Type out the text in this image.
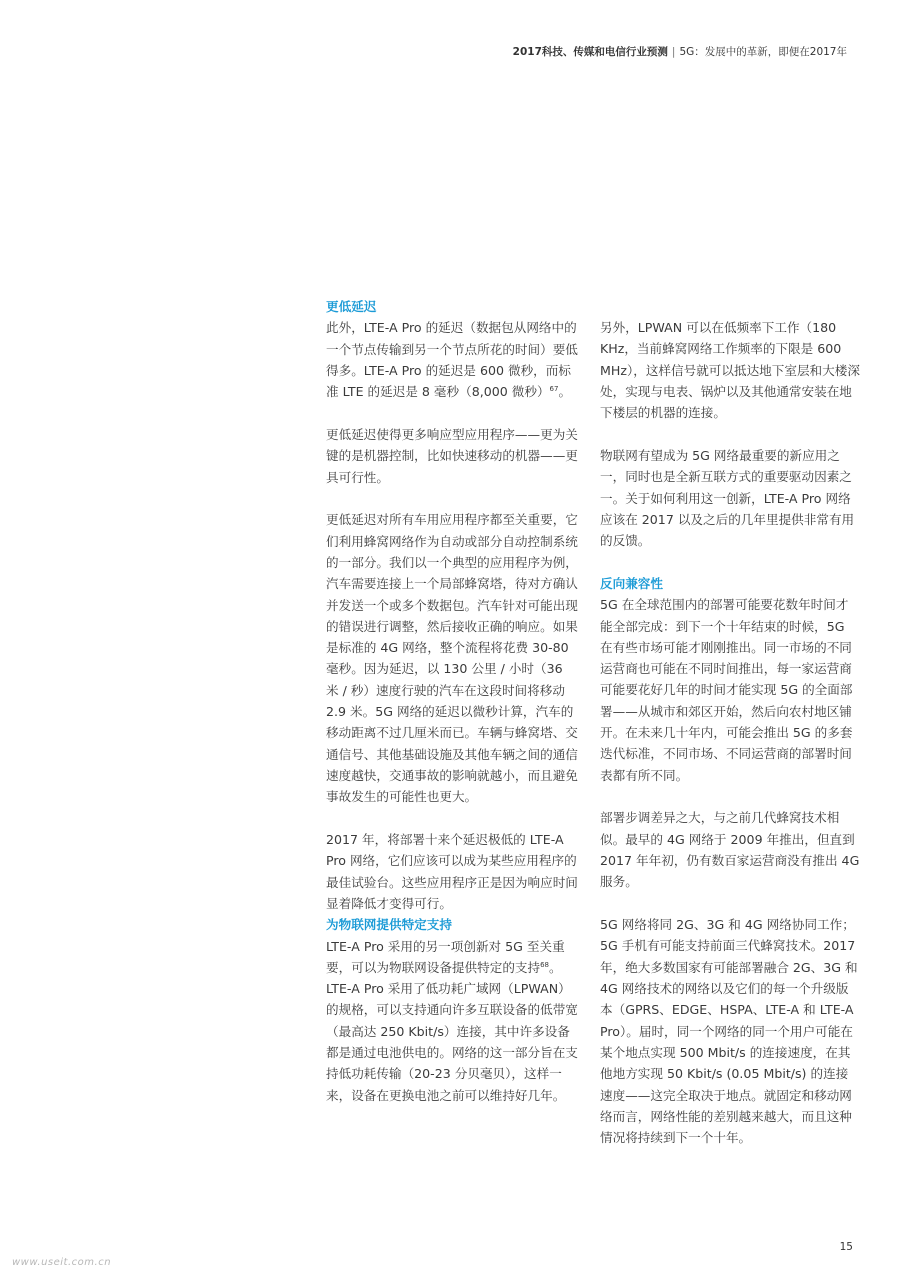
2017科技、传媒和电信行业预测 | 5G：发展中的革新，即便在2017年
更低延迟

此外，LTE-A Pro 的延迟（数据包从网络中的一个节点传输到另一个节点所花的时间）要低得多。LTE-A Pro 的延迟是 600 微秒，而标准 LTE 的延迟是 8 毫秒（8,000 微秒）$^{67}$。

更低延迟使得更多响应型应用程序——更为关键的是机器控制，比如快速移动的机器——更具可行性。

更低延迟对所有车用应用程序都至关重要，它们利用蜂窝网络作为自动或部分自动控制系统的一部分。我们以一个典型的应用程序为例，汽车需要连接上一个局部蜂窝塔，待对方确认并发送一个或多个数据包。汽车针对可能出现的错误进行调整，然后接收正确的响应。如果是标准的 4G 网络，整个流程将花费 30-80 毫秒。因为延迟，以 130 公里 / 小时（36 米 / 秒）速度行驶的汽车在这段时间将移动 2.9 米。5G 网络的延迟以微秒计算，汽车的移动距离不过几厘米而已。车辆与蜂窝塔、交通信号、其他基础设施及其他车辆之间的通信速度越快，交通事故的影响就越小，而且避免事故发生的可能性也更大。

2017 年，将部署十来个延迟极低的 LTE-A Pro 网络，它们应该可以成为某些应用程序的最佳试验台。这些应用程序正是因为响应时间显着降低才变得可行。

为物联网提供特定支持

LTE-A Pro 采用的另一项创新对 5G 至关重要，可以为物联网设备提供特定的支持$^{68}$。LTE-A Pro 采用了低功耗广域网（LPWAN）的规格，可以支持通向许多互联设备的低带宽（最高达 250 Kbit/s）连接，其中许多设备都是通过电池供电的。网络的这一部分旨在支持低功耗传输（20-23 分贝毫贝），这样一来，设备在更换电池之前可以维持好几年。

另外，LPWAN 可以在低频率下工作（180 KHz，当前蜂窝网络工作频率的下限是 600 MHz），这样信号就可以抵达地下室层和大楼深处，实现与电表、锅炉以及其他通常安装在地下楼层的机器的连接。

物联网有望成为 5G 网络最重要的新应用之一，同时也是全新互联方式的重要驱动因素之一。关于如何利用这一创新，LTE-A Pro 网络应该在 2017 以及之后的几年里提供非常有用的反馈。

反向兼容性

5G 在全球范围内的部署可能要花数年时间才能全部完成：到下一个十年结束的时候，5G 在有些市场可能才刚刚推出。同一市场的不同运营商也可能在不同时间推出，每一家运营商可能要花好几年的时间才能实现 5G 的全面部署——从城市和郊区开始，然后向农村地区铺开。在未来几十年内，可能会推出 5G 的多套迭代标准，不同市场、不同运营商的部署时间表都有所不同。

部署步调差异之大，与之前几代蜂窝技术相似。最早的 4G 网络于 2009 年推出，但直到 2017 年年初，仍有数百家运营商没有推出 4G 服务。

5G 网络将同 2G、3G 和 4G 网络协同工作；5G 手机有可能支持前面三代蜂窝技术。2017 年，绝大多数国家有可能部署融合 2G、3G 和 4G 网络技术的网络以及它们的每一个升级版本（GPRS、EDGE、HSPA、LTE-A 和 LTE-A Pro）。届时，同一个网络的同一个用户可能在某个地点实现 500 Mbit/s 的连接速度，在其他地方实现 50 Kbit/s (0.05 Mbit/s) 的连接速度——这完全取决于地点。就固定和移动网络而言，网络性能的差别越来越大，而且这种情况将持续到下一个十年。

15
www.useit.com.cn
